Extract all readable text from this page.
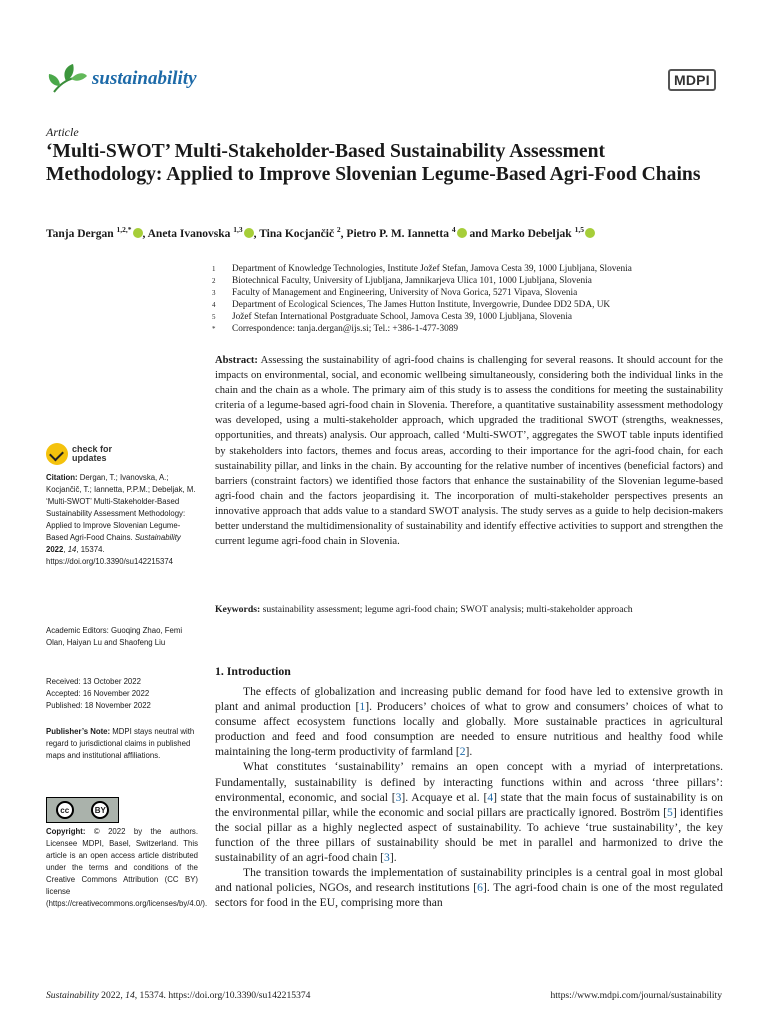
sustainability	MDPI
Article
‘Multi-SWOT’ Multi-Stakeholder-Based Sustainability Assessment Methodology: Applied to Improve Slovenian Legume-Based Agri-Food Chains
Tanja Dergan $^{1,2,*}$ , Aneta Ivanovska $^{1,3}$ , Tina Kocjančič $^2$, Pietro P. M. Iannetta $^4$ and Marko Debeljak $^{1,5}$
1	Department of Knowledge Technologies, Institute Jožef Stefan, Jamova Cesta 39, 1000 Ljubljana, Slovenia
2	Biotechnical Faculty, University of Ljubljana, Jamnikarjeva Ulica 101, 1000 Ljubljana, Slovenia
3	Faculty of Management and Engineering, University of Nova Gorica, 5271 Vipava, Slovenia
4	Department of Ecological Sciences, The James Hutton Institute, Invergowrie, Dundee DD2 5DA, UK
5	Jožef Stefan International Postgraduate School, Jamova Cesta 39, 1000 Ljubljana, Slovenia
*	Correspondence: tanja.dergan@ijs.si; Tel.: +386-1-477-3089
Abstract: Assessing the sustainability of agri-food chains is challenging for several reasons. It should account for the impacts on environmental, social, and economic wellbeing simultaneously, considering both the individual links in the chain and the chain as a whole. The primary aim of this study is to assess the conditions for meeting the sustainability criteria of a legume-based agri-food chain in Slovenia. Therefore, a quantitative sustainability assessment methodology was developed, using a multi-stakeholder approach, which upgraded the traditional SWOT (strengths, weaknesses, opportunities, and threats) analysis. Our approach, called ‘Multi-SWOT’, aggregates the SWOT table inputs identified by stakeholders into factors, themes and focus areas, according to their importance for the agri-food chain, for each sustainability pillar, and links in the chain. By accounting for the relative number of incentives (beneficial factors) and barriers (constraint factors) we identified those factors that enhance the sustainability of the Slovenian legume-based agri-food chain and the factors jeopardising it. The incorporation of multi-stakeholder perspectives presents an innovative approach that adds value to a standard SWOT analysis. The study serves as a guide to help decision-makers better understand the multidimensionality of sustainability and identify effective activities to support and strengthen the current legume agri-food chain in Slovenia.
Keywords: sustainability assessment; legume agri-food chain; SWOT analysis; multi-stakeholder approach
check for
updates
Citation: Dergan, T.; Ivanovska, A.; Kocjančič, T.; Iannetta, P.P.M.; Debeljak, M. ‘Multi-SWOT’ Multi-Stakeholder-Based Sustainability Assessment Methodology: Applied to Improve Slovenian Legume-Based Agri-Food Chains. Sustainability 2022, 14, 15374. https://doi.org/10.3390/su142215374
Academic Editors: Guoqing Zhao, Femi Olan, Haiyan Lu and Shaofeng Liu
Received: 13 October 2022
Accepted: 16 November 2022
Published: 18 November 2022
Publisher’s Note: MDPI stays neutral with regard to jurisdictional claims in published maps and institutional affiliations.
cc	BY
Copyright: © 2022 by the authors. Licensee MDPI, Basel, Switzerland. This article is an open access article distributed under the terms and conditions of the Creative Commons Attribution (CC BY) license (https://creativecommons.org/licenses/by/4.0/).
1. Introduction

The effects of globalization and increasing public demand for food have led to extensive growth in plant and animal production [1]. Producers’ choices of what to grow and consumers’ choices of what to consume affect ecosystem functions locally and globally. More sustainable practices in agricultural production and feed and food consumption are needed to ensure nutritious and healthy food while maintaining the long-term productivity of farmland [2].

What constitutes ‘sustainability’ remains an open concept with a myriad of interpretations. Fundamentally, sustainability is defined by interacting functions within and across ‘three pillars’: environmental, economic, and social [3]. Acquaye et al. [4] state that the main focus of sustainability is on the environmental pillar, while the economic and social pillars are practically ignored. Boström [5] identifies the social pillar as a highly neglected aspect of sustainability. To achieve ‘true sustainability’, the key function of the three pillars of sustainability should be met in parallel and harmonized to drive the sustainability of an agri-food chain [3].

The transition towards the implementation of sustainability principles is a central goal in most global and national policies, NGOs, and research institutions [6]. The agri-food chain is one of the most regulated sectors for food in the EU, comprising more than

Sustainability 2022, 14, 15374. https://doi.org/10.3390/su142215374	https://www.mdpi.com/journal/sustainability
